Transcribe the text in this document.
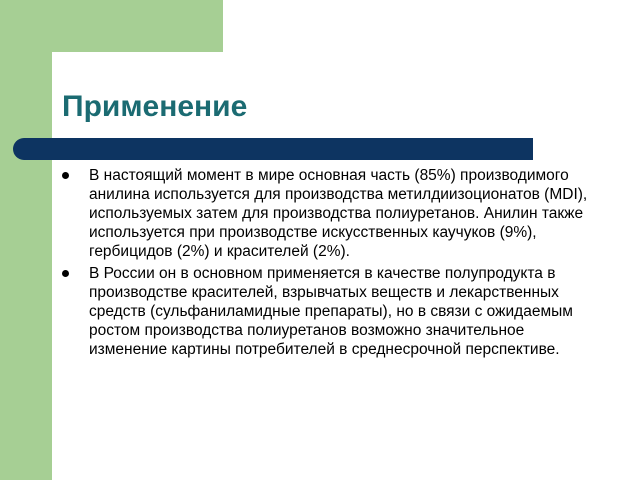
Применение
В настоящий момент в мире основная часть (85%) производимого анилина используется для производства метилдиизоционатов (MDI), используемых затем для производства полиуретанов. Анилин также используется при производстве искусственных каучуков (9%), гербицидов (2%) и красителей (2%).
В России он в основном применяется в качестве полупродукта в производстве красителей, взрывчатых веществ и лекарственных средств (сульфаниламидные препараты), но в связи с ожидаемым ростом производства полиуретанов возможно значительное изменение картины потребителей в среднесрочной перспективе.
